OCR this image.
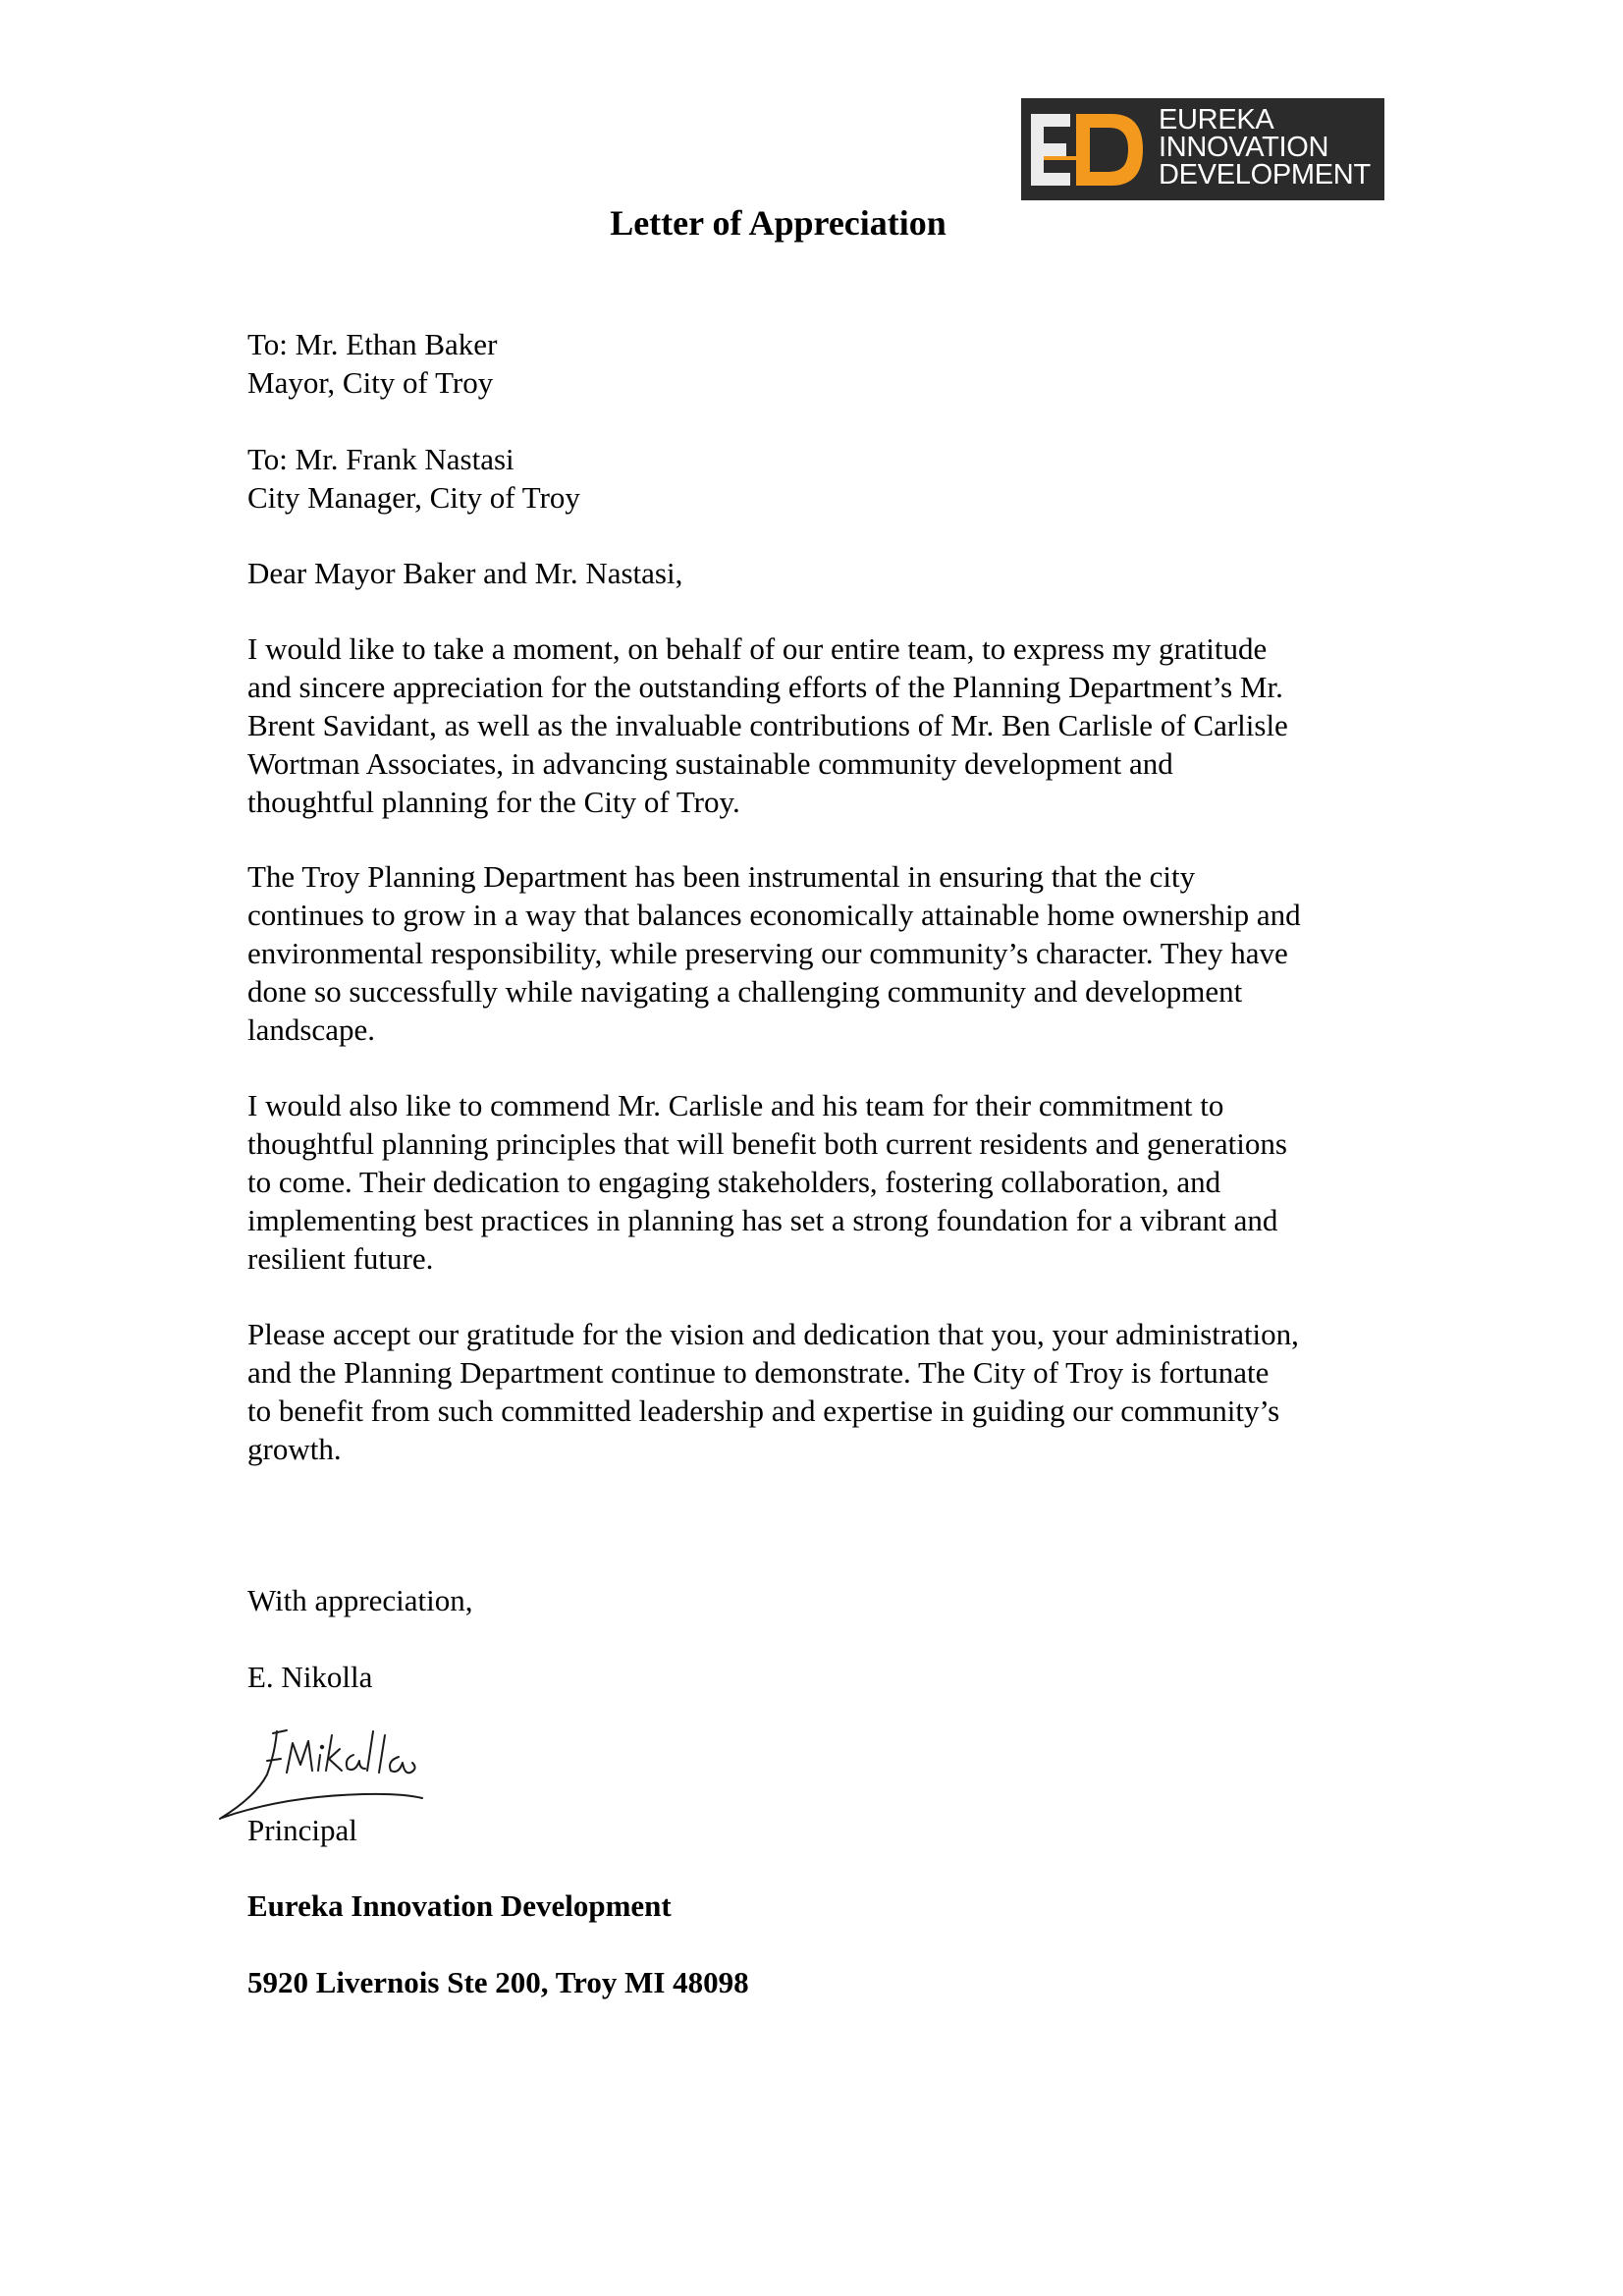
EUREKA
INNOVATION
DEVELOPMENT
Letter of Appreciation
To: Mr. Ethan Baker
Mayor, City of Troy
To: Mr. Frank Nastasi
City Manager, City of Troy
Dear Mayor Baker and Mr. Nastasi,
I would like to take a moment, on behalf of our entire team, to express my gratitude
and sincere appreciation for the outstanding efforts of the Planning Department’s Mr.
Brent Savidant, as well as the invaluable contributions of Mr. Ben Carlisle of Carlisle
Wortman Associates, in advancing sustainable community development and
thoughtful planning for the City of Troy.
The Troy Planning Department has been instrumental in ensuring that the city
continues to grow in a way that balances economically attainable home ownership and
environmental responsibility, while preserving our community’s character. They have
done so successfully while navigating a challenging community and development
landscape.
I would also like to commend Mr. Carlisle and his team for their commitment to
thoughtful planning principles that will benefit both current residents and generations
to come. Their dedication to engaging stakeholders, fostering collaboration, and
implementing best practices in planning has set a strong foundation for a vibrant and
resilient future.
Please accept our gratitude for the vision and dedication that you, your administration,
and the Planning Department continue to demonstrate. The City of Troy is fortunate
to benefit from such committed leadership and expertise in guiding our community’s
growth.
With appreciation,
E. Nikolla
Principal
Eureka Innovation Development
5920 Livernois Ste 200, Troy MI 48098
